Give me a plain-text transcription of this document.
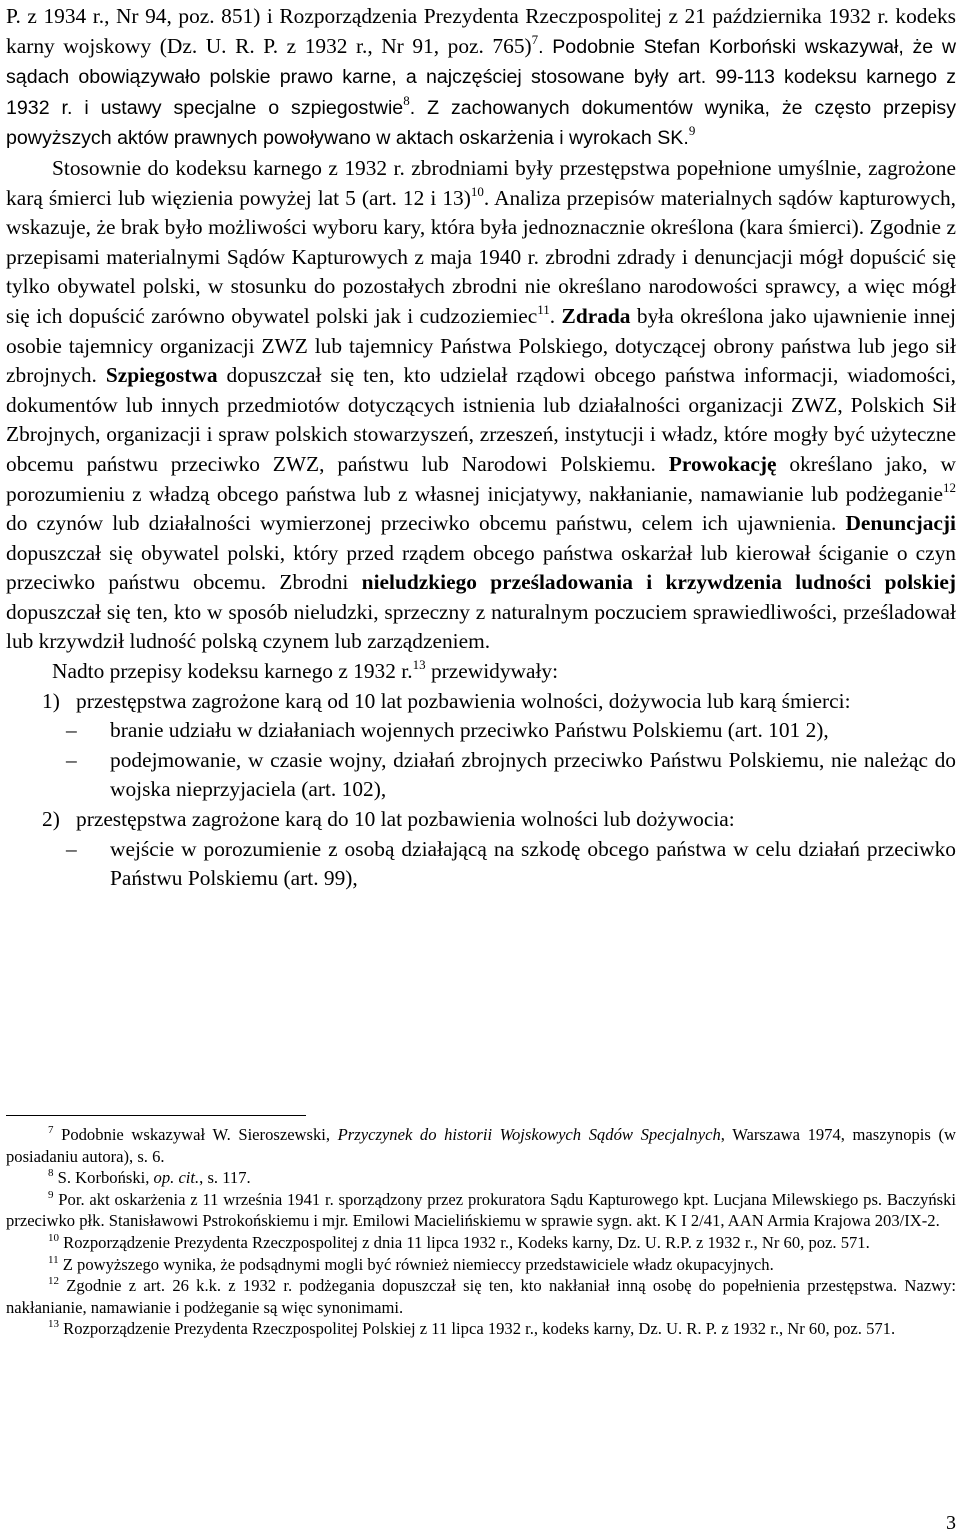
P. z 1934 r., Nr 94, poz. 851) i Rozporządzenia Prezydenta Rzeczpospolitej z 21 października 1932 r. kodeks karny wojskowy (Dz. U. R. P. z 1932 r., Nr 91, poz. 765)$^7$. Podobnie Stefan Korboński wskazywał, że w sądach obowiązywało polskie prawo karne, a najczęściej stosowane były art. 99-113 kodeksu karnego z 1932 r. i ustawy specjalne o szpiegostwie$^8$. Z zachowanych dokumentów wynika, że często przepisy powyższych aktów prawnych powoływano w aktach oskarżenia i wyrokach SK.$^9$

Stosownie do kodeksu karnego z 1932 r. zbrodniami były przestępstwa popełnione umyślnie, zagrożone karą śmierci lub więzienia powyżej lat 5 (art. 12 i 13)$^{10}$. Analiza przepisów materialnych sądów kapturowych, wskazuje, że brak było możliwości wyboru kary, która była jednoznacznie określona (kara śmierci). Zgodnie z przepisami materialnymi Sądów Kapturowych z maja 1940 r. zbrodni zdrady i denuncjacji mógł dopuścić się tylko obywatel polski, w stosunku do pozostałych zbrodni nie określano narodowości sprawcy, a więc mógł się ich dopuścić zarówno obywatel polski jak i cudzoziemiec$^{11}$. Zdrada była określona jako ujawnienie innej osobie tajemnicy organizacji ZWZ lub tajemnicy Państwa Polskiego, dotyczącej obrony państwa lub jego sił zbrojnych. Szpiegostwa dopuszczał się ten, kto udzielał rządowi obcego państwa informacji, wiadomości, dokumentów lub innych przedmiotów dotyczących istnienia lub działalności organizacji ZWZ, Polskich Sił Zbrojnych, organizacji i spraw polskich stowarzyszeń, zrzeszeń, instytucji i władz, które mogły być użyteczne obcemu państwu przeciwko ZWZ, państwu lub Narodowi Polskiemu. Prowokację określano jako, w porozumieniu z władzą obcego państwa lub z własnej inicjatywy, nakłanianie, namawianie lub podżeganie$^{12}$ do czynów lub działalności wymierzonej przeciwko obcemu państwu, celem ich ujawnienia. Denuncjacji dopuszczał się obywatel polski, który przed rządem obcego państwa oskarżał lub kierował ściganie o czyn przeciwko państwu obcemu. Zbrodni nieludzkiego prześladowania i krzywdzenia ludności polskiej dopuszczał się ten, kto w sposób nieludzki, sprzeczny z naturalnym poczuciem sprawiedliwości, prześladował lub krzywdził ludność polską czynem lub zarządzeniem.

Nadto przepisy kodeksu karnego z 1932 r.$^{13}$ przewidywały:

1) przestępstwa zagrożone karą od 10 lat pozbawienia wolności, dożywocia lub karą śmierci:
– branie udziału w działaniach wojennych przeciwko Państwu Polskiemu (art. 101 2),
– podejmowanie, w czasie wojny, działań zbrojnych przeciwko Państwu Polskiemu, nie należąc do wojska nieprzyjaciela (art. 102),
2) przestępstwa zagrożone karą do 10 lat pozbawienia wolności lub dożywocia:
– wejście w porozumienie z osobą działającą na szkodę obcego państwa w celu działań przeciwko Państwu Polskiemu (art. 99),

$^7$ Podobnie wskazywał W. Sieroszewski, Przyczynek do historii Wojskowych Sądów Specjalnych, Warszawa 1974, maszynopis (w posiadaniu autora), s. 6.

$^8$ S. Korboński, op. cit., s. 117.

$^9$ Por. akt oskarżenia z 11 września 1941 r. sporządzony przez prokuratora Sądu Kapturowego kpt. Lucjana Milewskiego ps. Baczyński przeciwko płk. Stanisławowi Pstrokońskiemu i mjr. Emilowi Macielińskiemu w sprawie sygn. akt. K I 2/41, AAN Armia Krajowa 203/IX-2.

$^{10}$ Rozporządzenie Prezydenta Rzeczpospolitej z dnia 11 lipca 1932 r., Kodeks karny, Dz. U. R.P. z 1932 r., Nr 60, poz. 571.

$^{11}$ Z powyższego wynika, że podsądnymi mogli być również niemieccy przedstawiciele władz okupacyjnych.

$^{12}$ Zgodnie z art. 26 k.k. z 1932 r. podżegania dopuszczał się ten, kto nakłaniał inną osobę do popełnienia przestępstwa. Nazwy: nakłanianie, namawianie i podżeganie są więc synonimami.

$^{13}$ Rozporządzenie Prezydenta Rzeczpospolitej Polskiej z 11 lipca 1932 r., kodeks karny, Dz. U. R. P. z 1932 r., Nr 60, poz. 571.

3
